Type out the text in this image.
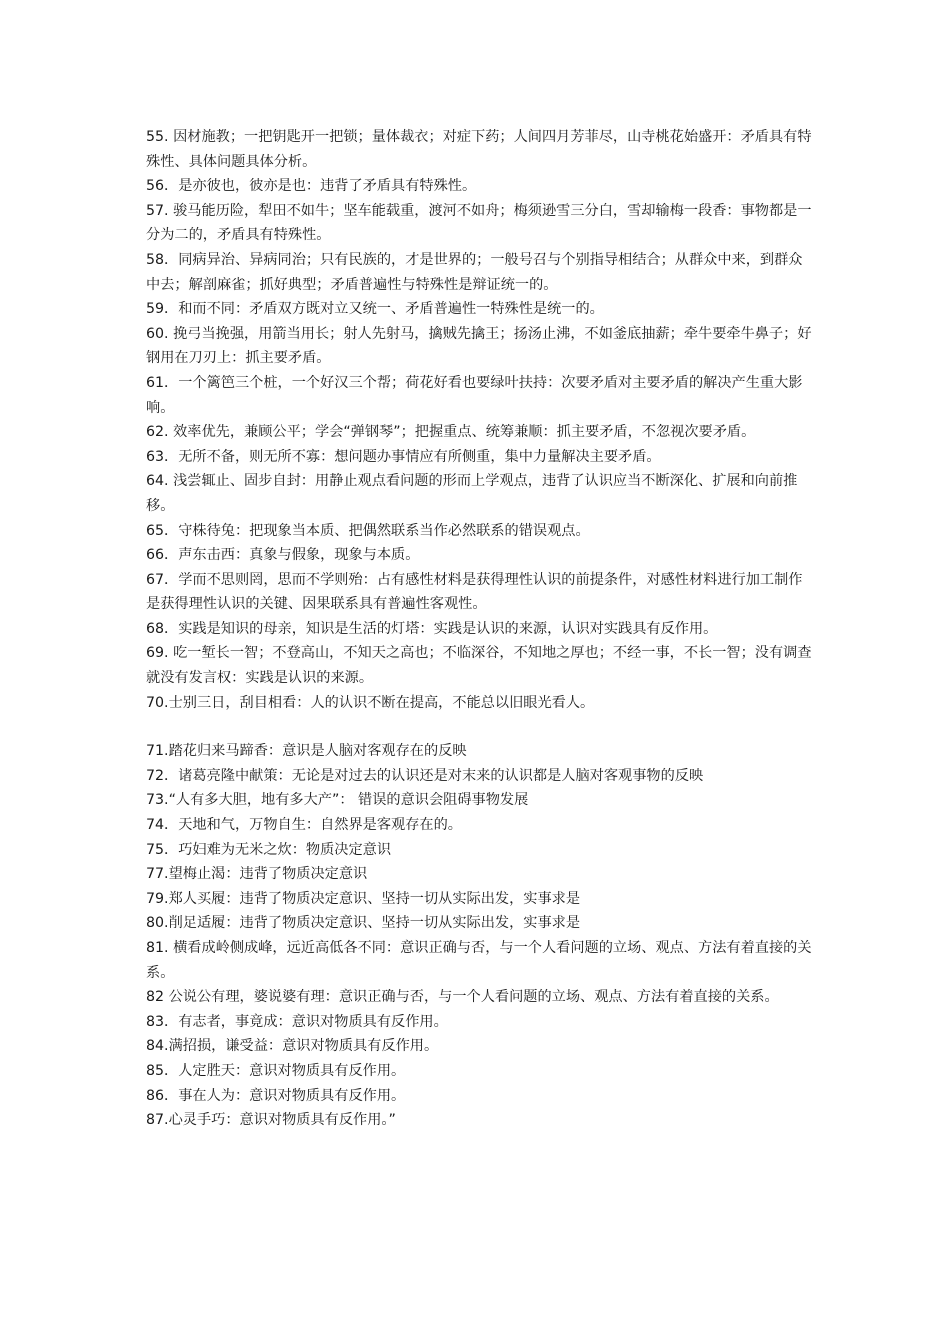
55. 因材施教；一把钥匙开一把锁；量体裁衣；对症下药；人间四月芳菲尽，山寺桃花始盛开：矛盾具有特殊性、具体问题具体分析。

56．是亦彼也，彼亦是也：违背了矛盾具有特殊性。

57. 骏马能历险，犁田不如牛；坚车能载重，渡河不如舟；梅须逊雪三分白，雪却输梅一段香：事物都是一分为二的，矛盾具有特殊性。

58．同病异治、异病同治；只有民族的，才是世界的；一般号召与个别指导相结合；从群众中来，到群众中去；解剖麻雀；抓好典型；矛盾普遍性与特殊性是辩证统一的。

59．和而不同：矛盾双方既对立又统一、矛盾普遍性一特殊性是统一的。

60. 挽弓当挽强，用箭当用长；射人先射马，擒贼先擒王；扬汤止沸，不如釜底抽薪；牵牛要牵牛鼻子；好钢用在刀刃上：抓主要矛盾。

61．一个篱笆三个桩，一个好汉三个帮；荷花好看也要绿叶扶持：次要矛盾对主要矛盾的解决产生重大影响。

62. 效率优先，兼顾公平；学会“弹钢琴”；把握重点、统筹兼顺：抓主要矛盾，不忽视次要矛盾。

63．无所不备，则无所不寡：想问题办事情应有所侧重，集中力量解决主要矛盾。

64. 浅尝辄止、固步自封：用静止观点看问题的形而上学观点，违背了认识应当不断深化、扩展和向前推移。

65．守株待兔：把现象当本质、把偶然联系当作必然联系的错误观点。

66．声东击西：真象与假象，现象与本质。

67．学而不思则罔，思而不学则殆：占有感性材料是获得理性认识的前提条件，对感性材料进行加工制作是获得理性认识的关键、因果联系具有普遍性客观性。

68．实践是知识的母亲，知识是生活的灯塔：实践是认识的来源，认识对实践具有反作用。

69. 吃一堑长一智；不登高山，不知天之高也；不临深谷，不知地之厚也；不经一事，不长一智；没有调查就没有发言权：实践是认识的来源。

70.士别三日，刮目相看：人的认识不断在提高，不能总以旧眼光看人。

71.踏花归来马蹄香：意识是人脑对客观存在的反映

72．诸葛亮隆中献策：无论是对过去的认识还是对末来的认识都是人脑对客观事物的反映

73.“人有多大胆，地有多大产”： 错误的意识会阻碍事物发展

74．天地和气，万物自生：自然界是客观存在的。

75．巧妇难为无米之炊：物质决定意识

77.望梅止渴：违背了物质决定意识

79.郑人买履：违背了物质决定意识、坚持一切从实际出发，实事求是

80.削足适履：违背了物质决定意识、坚持一切从实际出发，实事求是

81. 横看成岭侧成峰，远近高低各不同：意识正确与否，与一个人看问题的立场、观点、方法有着直接的关系。

82 公说公有理，婆说婆有理：意识正确与否，与一个人看问题的立场、观点、方法有着直接的关系。

83．有志者，事竟成：意识对物质具有反作用。

84.满招损，谦受益：意识对物质具有反作用。

85．人定胜天：意识对物质具有反作用。

86．事在人为：意识对物质具有反作用。

87.心灵手巧：意识对物质具有反作用。”
